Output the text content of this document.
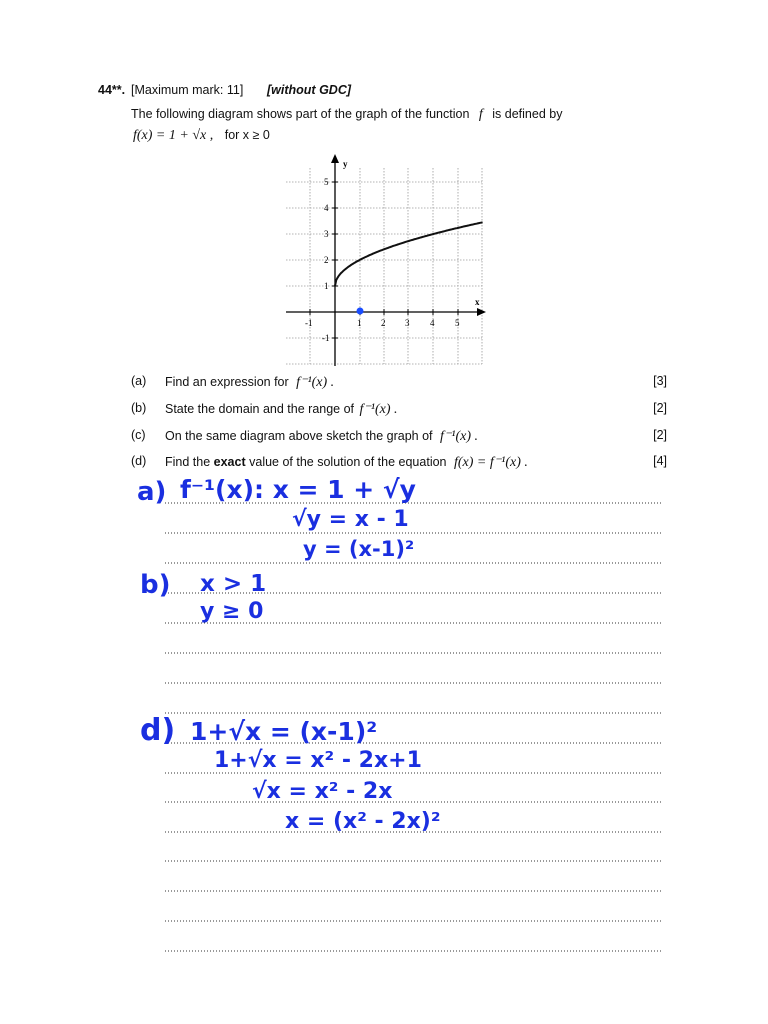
44**. [Maximum mark: 11] [without GDC]
The following diagram shows part of the graph of the function f is defined by
f(x) = 1 + √x , for x ≥ 0
-1	1 2 3 4 5
5
4
3
2
1
-1
x
y
(a) Find an expression for f⁻¹(x) .	[3]
(b) State the domain and the range of f⁻¹(x) .	[2]
(c) On the same diagram above sketch the graph of f⁻¹(x) .	[2]
(d) Find the exact value of the solution of the equation f(x) = f⁻¹(x) .	[4]
a) f⁻¹(x): x = 1 + √y
√y = x - 1
y = (x-1)²
b) x > 1
y ≥ 0
d) 1+√x = (x-1)²
1+√x = x² - 2x+1
√x = x² - 2x
x = (x² - 2x)²
